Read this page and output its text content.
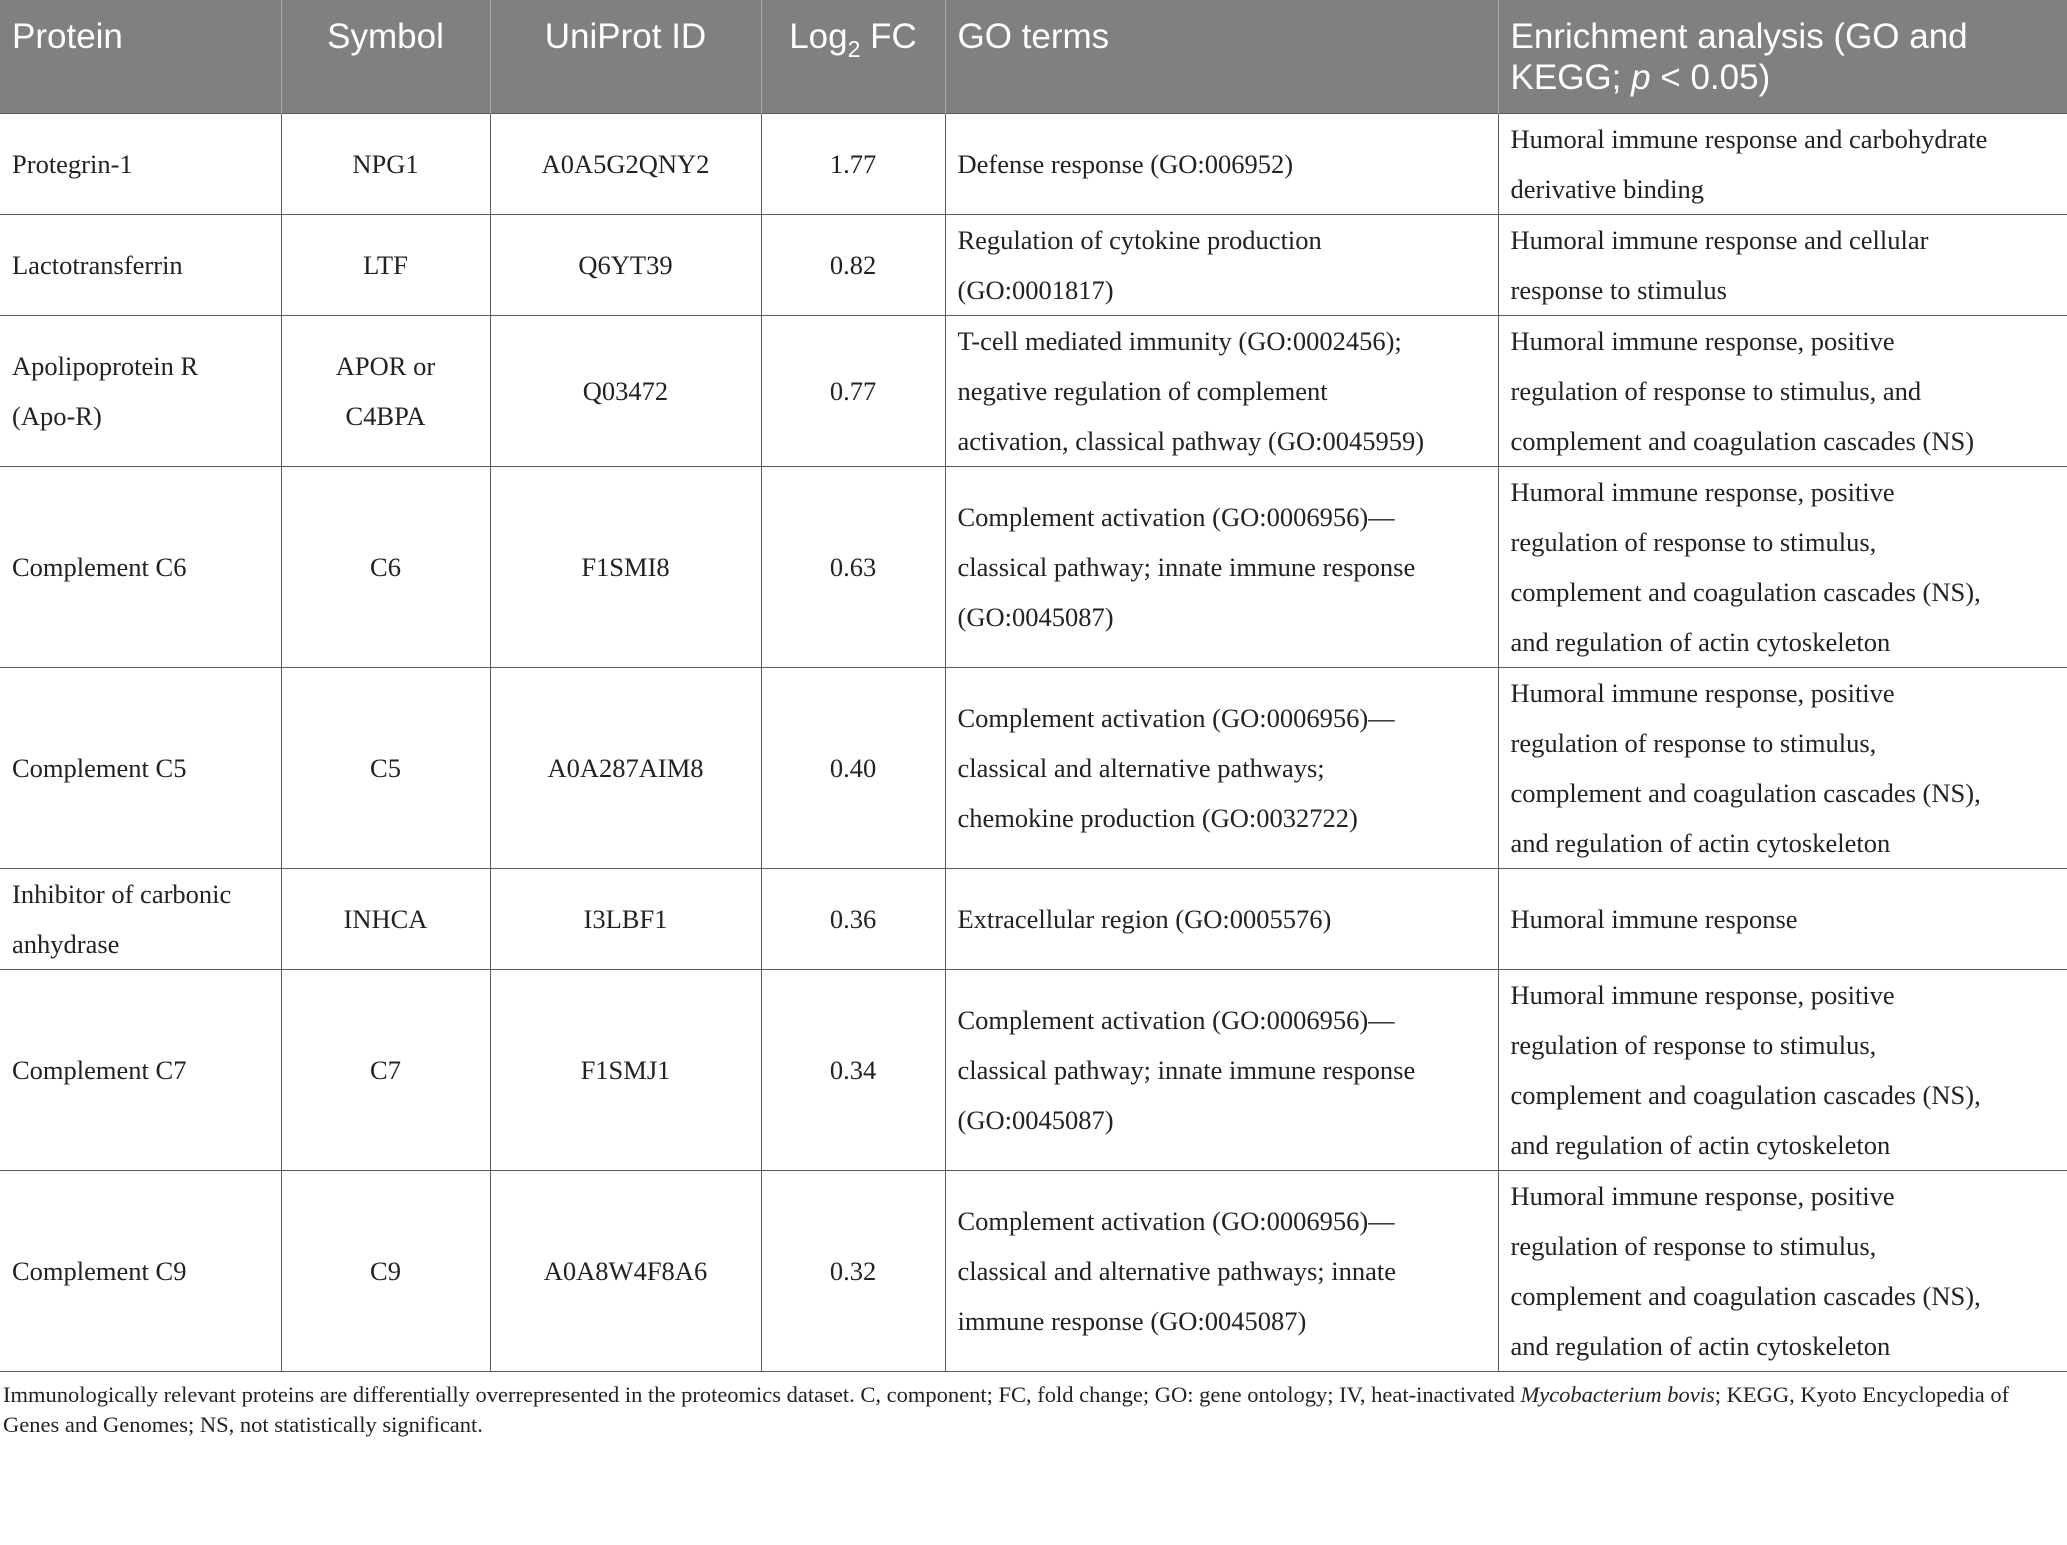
Protein	Symbol	UniProt ID	Log$_2$ FC	GO terms	Enrichment analysis (GO and
KEGG; p < 0.05)
Protegrin-1	NPG1	A0A5G2QNY2	1.77	Defense response (GO:006952)	Humoral immune response and carbohydrate
derivative binding
Lactotransferrin	LTF	Q6YT39	0.82	Regulation of cytokine production
(GO:0001817)	Humoral immune response and cellular
response to stimulus
Apolipoprotein R
(Apo-R)	APOR or
C4BPA	Q03472	0.77	T-cell mediated immunity (GO:0002456);
negative regulation of complement
activation, classical pathway (GO:0045959)	Humoral immune response, positive
regulation of response to stimulus, and
complement and coagulation cascades (NS)
Complement C6	C6	F1SMI8	0.63	Complement activation (GO:0006956)—
classical pathway; innate immune response
(GO:0045087)	Humoral immune response, positive
regulation of response to stimulus,
complement and coagulation cascades (NS),
and regulation of actin cytoskeleton
Complement C5	C5	A0A287AIM8	0.40	Complement activation (GO:0006956)—
classical and alternative pathways;
chemokine production (GO:0032722)	Humoral immune response, positive
regulation of response to stimulus,
complement and coagulation cascades (NS),
and regulation of actin cytoskeleton
Inhibitor of carbonic
anhydrase	INHCA	I3LBF1	0.36	Extracellular region (GO:0005576)	Humoral immune response
Complement C7	C7	F1SMJ1	0.34	Complement activation (GO:0006956)—
classical pathway; innate immune response
(GO:0045087)	Humoral immune response, positive
regulation of response to stimulus,
complement and coagulation cascades (NS),
and regulation of actin cytoskeleton
Complement C9	C9	A0A8W4F8A6	0.32	Complement activation (GO:0006956)—
classical and alternative pathways; innate
immune response (GO:0045087)	Humoral immune response, positive
regulation of response to stimulus,
complement and coagulation cascades (NS),
and regulation of actin cytoskeleton
Immunologically relevant proteins are differentially overrepresented in the proteomics dataset. C, component; FC, fold change; GO: gene ontology; IV, heat-inactivated Mycobacterium bovis; KEGG, Kyoto Encyclopedia of Genes and Genomes; NS, not statistically significant.
